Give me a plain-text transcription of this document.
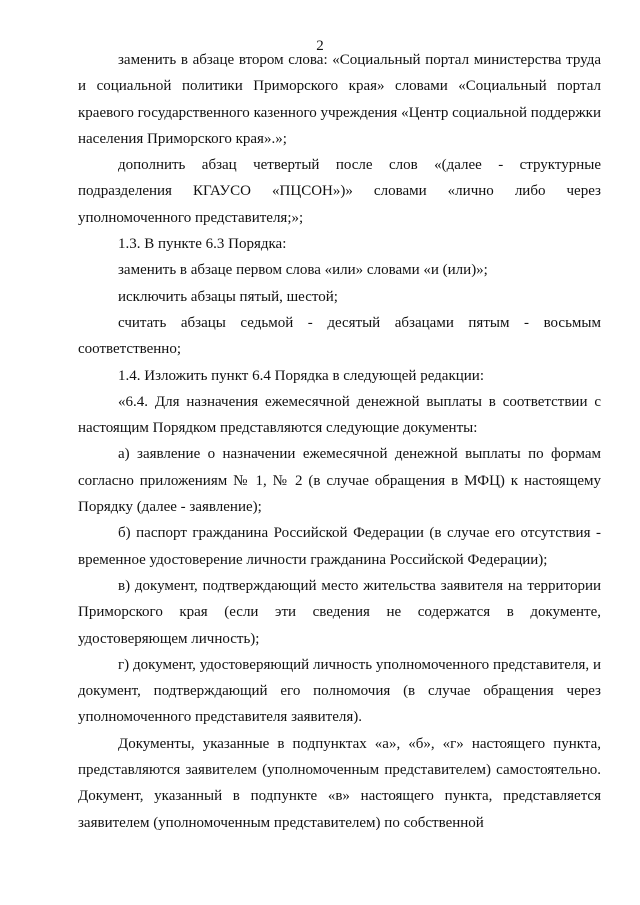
2

заменить в абзаце втором слова: «Социальный портал министерства труда и социальной политики Приморского края» словами «Социальный портал краевого государственного казенного учреждения «Центр социальной поддержки населения Приморского края».»;

дополнить абзац четвертый после слов «(далее - структурные подразделения КГАУСО «ПЦСОН»)» словами «лично либо через уполномоченного представителя;»;

1.3. В пункте 6.3 Порядка:

заменить в абзаце первом слова «или» словами «и (или)»;

исключить абзацы пятый, шестой;

считать абзацы седьмой - десятый абзацами пятым - восьмым соответственно;

1.4. Изложить пункт 6.4 Порядка в следующей редакции:

«6.4. Для назначения ежемесячной денежной выплаты в соответствии с настоящим Порядком представляются следующие документы:

а) заявление о назначении ежемесячной денежной выплаты по формам согласно приложениям № 1, № 2 (в случае обращения в МФЦ) к настоящему Порядку (далее - заявление);

б) паспорт гражданина Российской Федерации (в случае его отсутствия - временное удостоверение личности гражданина Российской Федерации);

в) документ, подтверждающий место жительства заявителя на территории Приморского края (если эти сведения не содержатся в документе, удостоверяющем личность);

г) документ, удостоверяющий личность уполномоченного представителя, и документ, подтверждающий его полномочия (в случае обращения через уполномоченного представителя заявителя).

Документы, указанные в подпунктах «а», «б», «г» настоящего пункта, представляются заявителем (уполномоченным представителем) самостоятельно. Документ, указанный в подпункте «в» настоящего пункта, представляется заявителем (уполномоченным представителем) по собственной
